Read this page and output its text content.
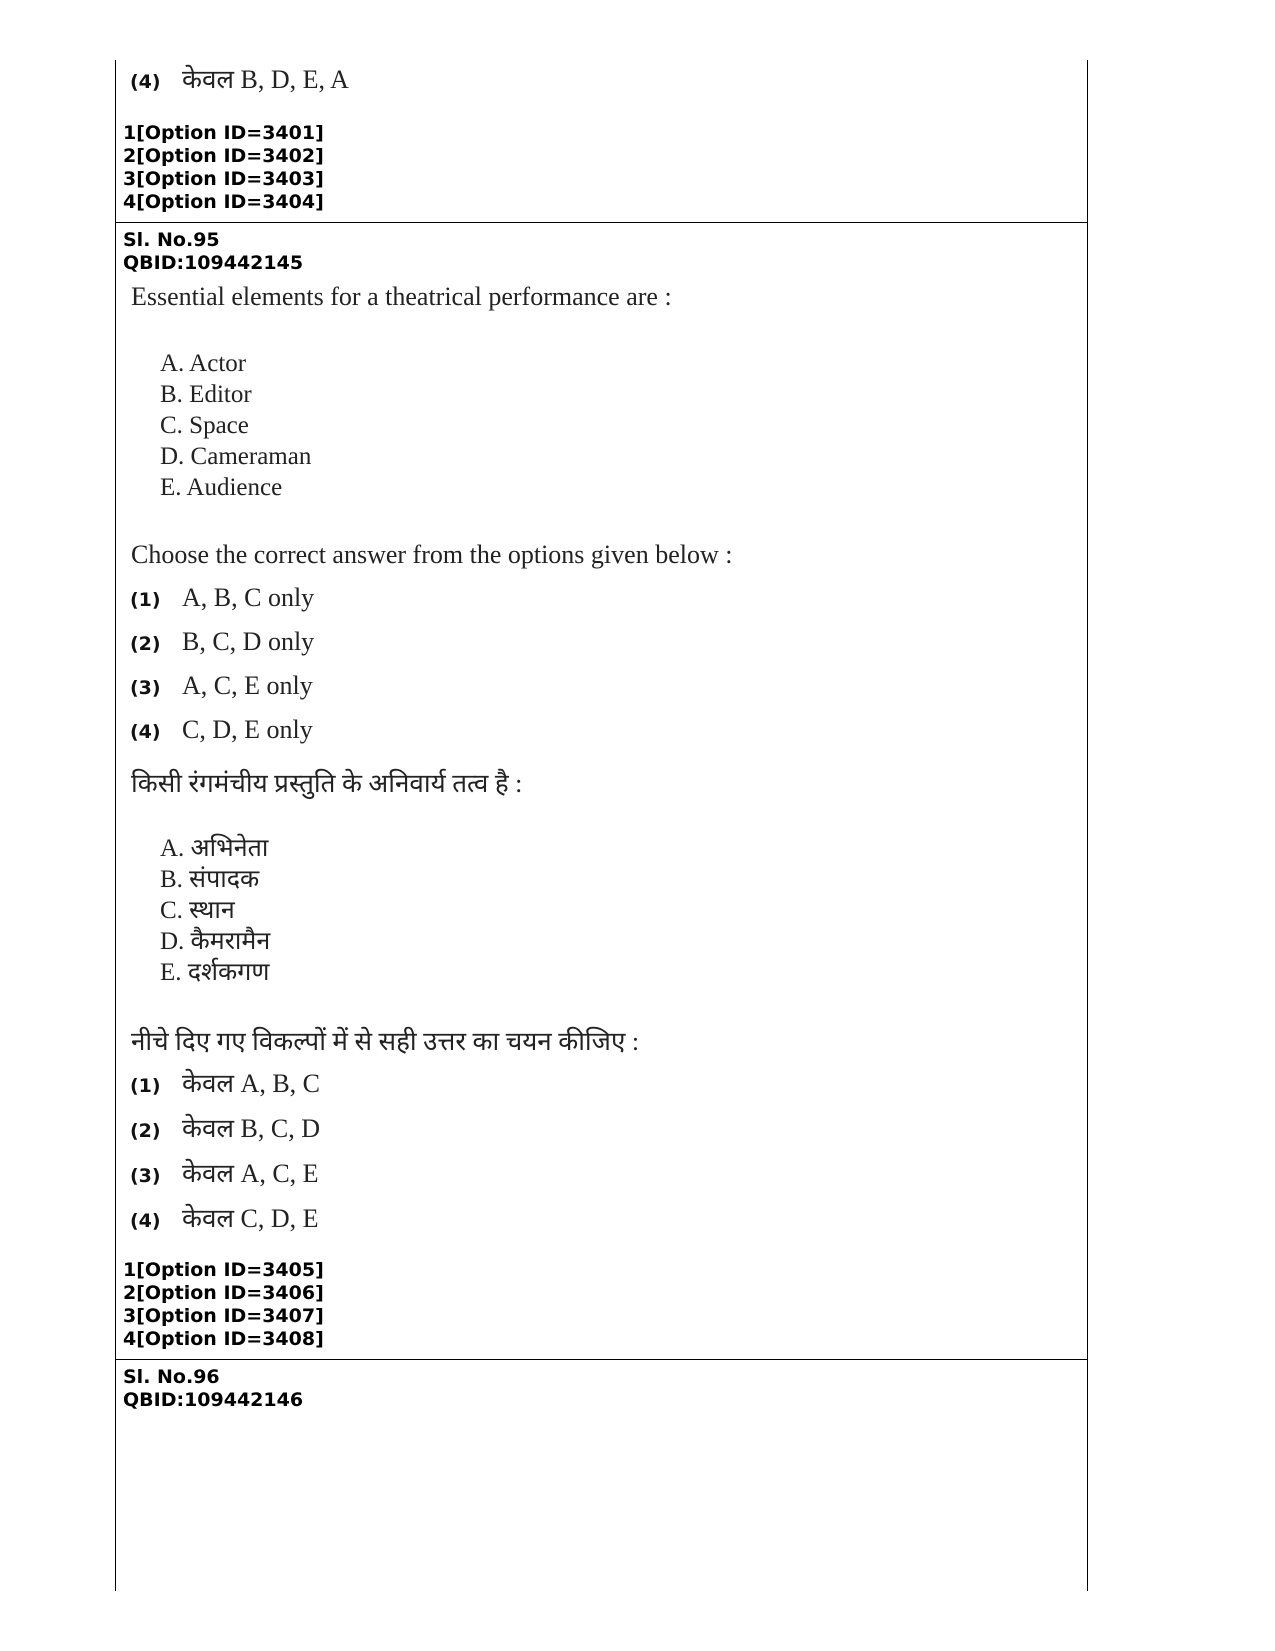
(4) केवल B, D, E, A
1[Option ID=3401]
2[Option ID=3402]
3[Option ID=3403]
4[Option ID=3404]
Sl. No.95
QBID:109442145
Essential elements for a theatrical performance are :
A. Actor
B. Editor
C. Space
D. Cameraman
E. Audience
Choose the correct answer from the options given below :
(1) A, B, C only
(2) B, C, D only
(3) A, C, E only
(4) C, D, E only
किसी रंगमंचीय प्रस्तुति के अनिवार्य तत्व है :
A. अभिनेता
B. संपादक
C. स्थान
D. कैमरामैन
E. दर्शकगण
नीचे दिए गए विकल्पों में से सही उत्तर का चयन कीजिए :
(1) केवल A, B, C
(2) केवल B, C, D
(3) केवल A, C, E
(4) केवल C, D, E
1[Option ID=3405]
2[Option ID=3406]
3[Option ID=3407]
4[Option ID=3408]
Sl. No.96
QBID:109442146
